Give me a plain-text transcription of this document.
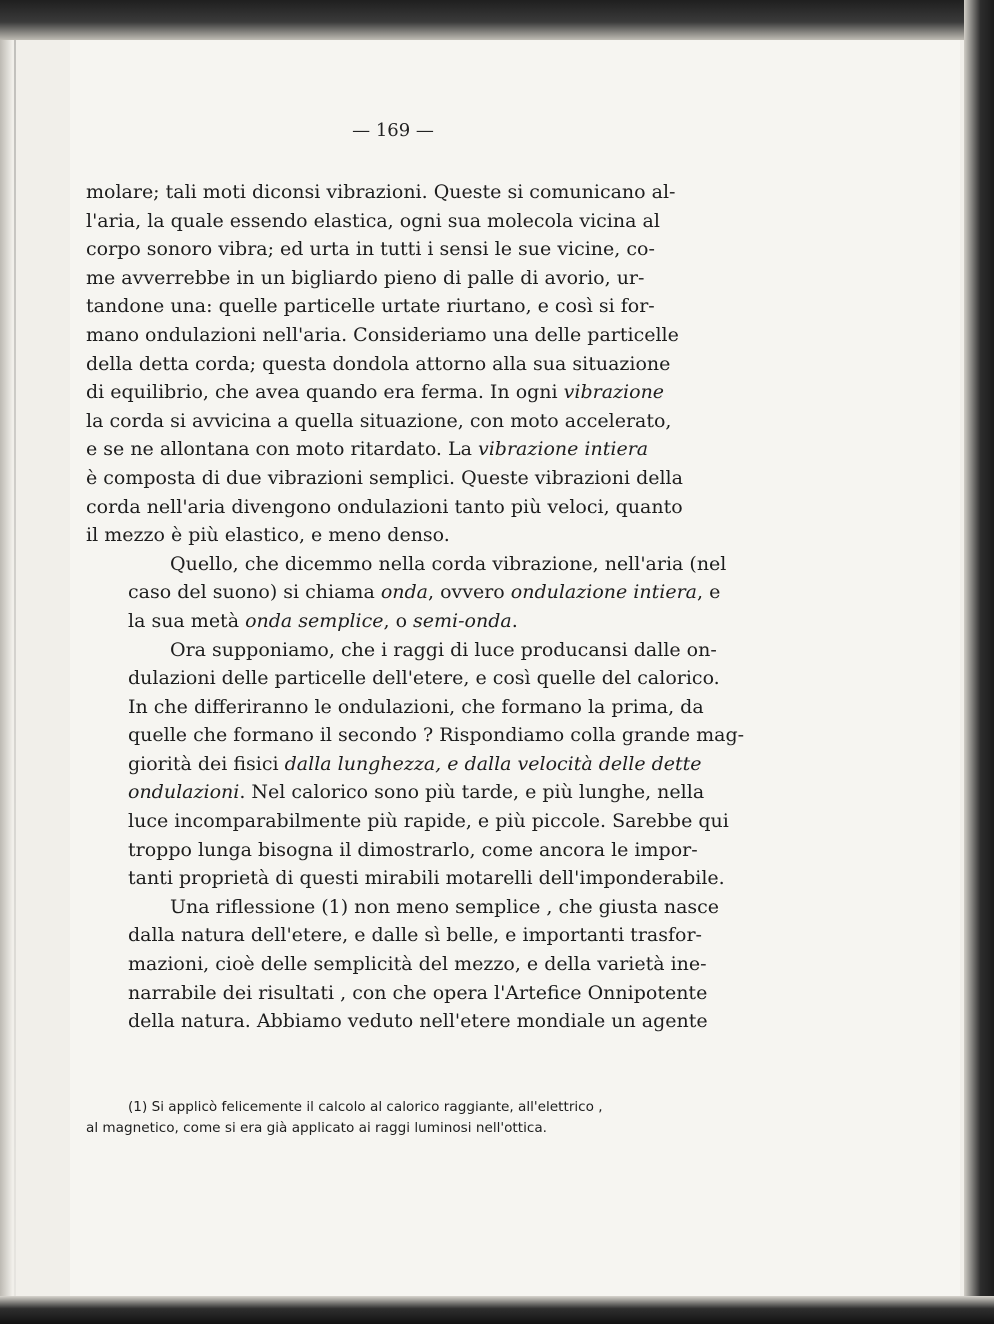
— 169 —

molare; tali moti diconsi vibrazioni. Queste si comunicano al-
l'aria, la quale essendo elastica, ogni sua molecola vicina al
corpo sonoro vibra; ed urta in tutti i sensi le sue vicine, co-
me avverrebbe in un bigliardo pieno di palle di avorio, ur-
tandone una: quelle particelle urtate riurtano, e così si for-
mano ondulazioni nell'aria. Consideriamo una delle particelle
della detta corda; questa dondola attorno alla sua situazione
di equilibrio, che avea quando era ferma. In ogni vibrazione
la corda si avvicina a quella situazione, con moto accelerato,
e se ne allontana con moto ritardato. La vibrazione intiera
è composta di due vibrazioni semplici. Queste vibrazioni della
corda nell'aria divengono ondulazioni tanto più veloci, quanto
il mezzo è più elastico, e meno denso.

Quello, che dicemmo nella corda vibrazione, nell'aria (nel
caso del suono) si chiama onda, ovvero ondulazione intiera, e
la sua metà onda semplice, o semi-onda.

Ora supponiamo, che i raggi di luce producansi dalle on-
dulazioni delle particelle dell'etere, e così quelle del calorico.
In che differiranno le ondulazioni, che formano la prima, da
quelle che formano il secondo ? Rispondiamo colla grande mag-
giorità dei fisici dalla lunghezza, e dalla velocità delle dette
ondulazioni. Nel calorico sono più tarde, e più lunghe, nella
luce incomparabilmente più rapide, e più piccole. Sarebbe qui
troppo lunga bisogna il dimostrarlo, come ancora le impor-
tanti proprietà di questi mirabili motarelli dell'imponderabile.

Una riflessione (1) non meno semplice , che giusta nasce
dalla natura dell'etere, e dalle sì belle, e importanti trasfor-
mazioni, cioè delle semplicità del mezzo, e della varietà ine-
narrabile dei risultati , con che opera l'Artefice Onnipotente
della natura. Abbiamo veduto nell'etere mondiale un agente

(1) Si applicò felicemente il calcolo al calorico raggiante, all'elettrico ,
al magnetico, come si era già applicato ai raggi luminosi nell'ottica.
